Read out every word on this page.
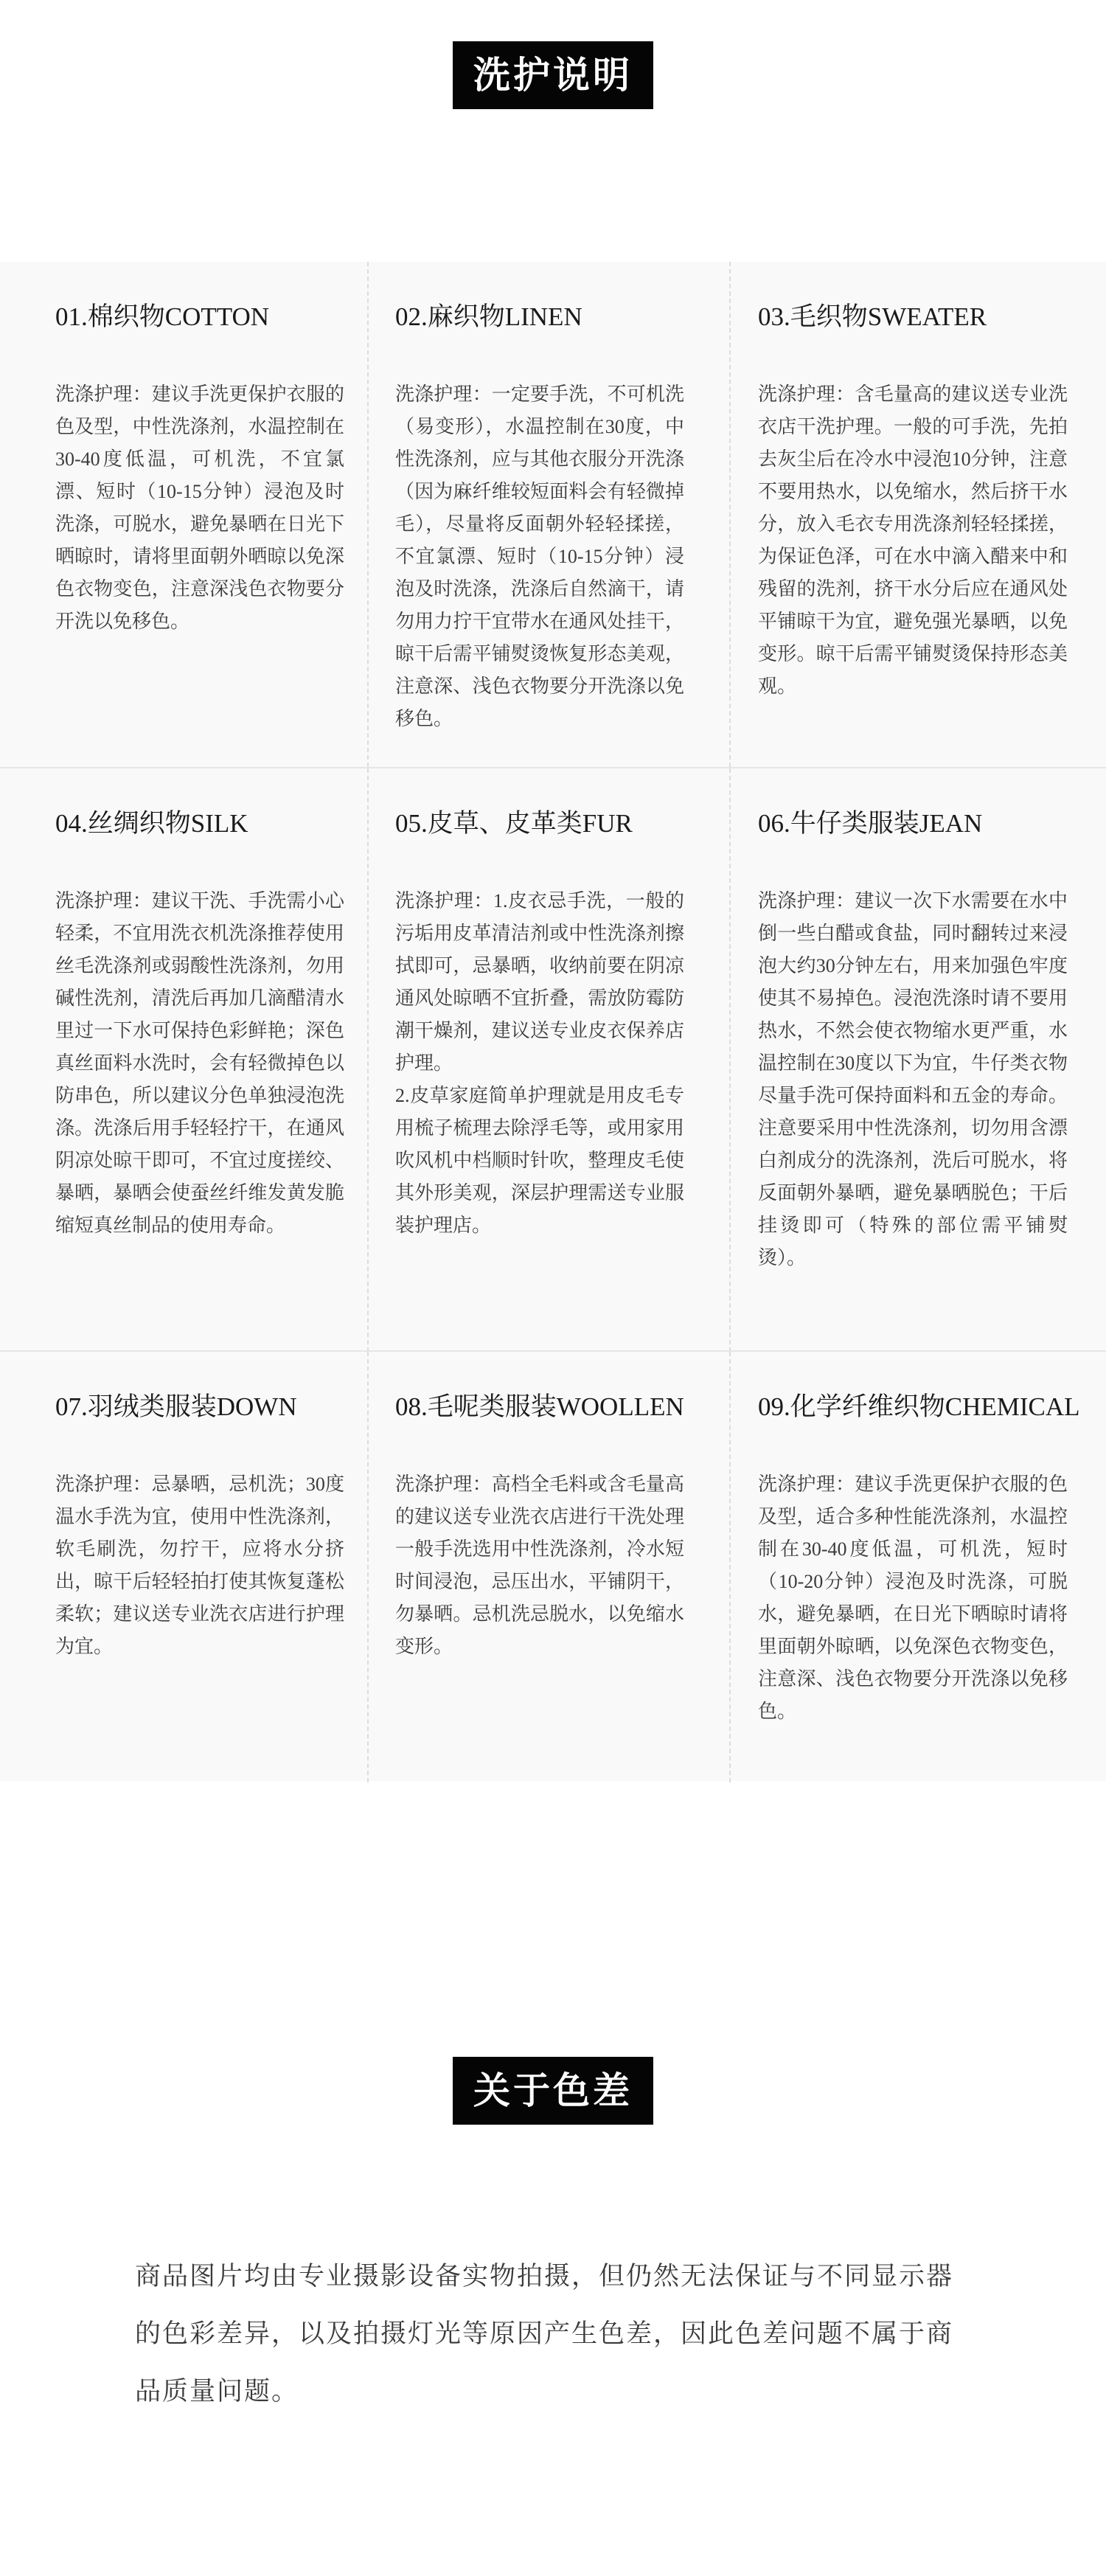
洗护说明

01.棉织物COTTON

洗涤护理：建议手洗更保护衣服的色及型，中性洗涤剂，水温控制在30-40度低温，可机洗，不宜氯漂、短时（10-15分钟）浸泡及时洗涤，可脱水，避免暴晒在日光下晒晾时，请将里面朝外晒晾以免深色衣物变色，注意深浅色衣物要分开洗以免移色。

02.麻织物LINEN

洗涤护理：一定要手洗，不可机洗（易变形），水温控制在30度，中性洗涤剂，应与其他衣服分开洗涤（因为麻纤维较短面料会有轻微掉毛），尽量将反面朝外轻轻揉搓，不宜氯漂、短时（10-15分钟）浸泡及时洗涤，洗涤后自然滴干，请勿用力拧干宜带水在通风处挂干，晾干后需平铺熨烫恢复形态美观，注意深、浅色衣物要分开洗涤以免移色。

03.毛织物SWEATER

洗涤护理：含毛量高的建议送专业洗衣店干洗护理。一般的可手洗，先拍去灰尘后在冷水中浸泡10分钟，注意不要用热水，以免缩水，然后挤干水分，放入毛衣专用洗涤剂轻轻揉搓，为保证色泽，可在水中滴入醋来中和残留的洗剂，挤干水分后应在通风处平铺晾干为宜，避免强光暴晒，以免变形。晾干后需平铺熨烫保持形态美观。

04.丝绸织物SILK

洗涤护理：建议干洗、手洗需小心轻柔，不宜用洗衣机洗涤推荐使用丝毛洗涤剂或弱酸性洗涤剂，勿用碱性洗剂，清洗后再加几滴醋清水里过一下水可保持色彩鲜艳；深色真丝面料水洗时，会有轻微掉色以防串色，所以建议分色单独浸泡洗涤。洗涤后用手轻轻拧干，在通风阴凉处晾干即可，不宜过度搓绞、暴晒，暴晒会使蚕丝纤维发黄发脆缩短真丝制品的使用寿命。

05.皮草、皮革类FUR

洗涤护理：1.皮衣忌手洗，一般的污垢用皮革清洁剂或中性洗涤剂擦拭即可，忌暴晒，收纳前要在阴凉通风处晾晒不宜折叠，需放防霉防潮干燥剂，建议送专业皮衣保养店护理。
2.皮草家庭简单护理就是用皮毛专用梳子梳理去除浮毛等，或用家用吹风机中档顺时针吹，整理皮毛使其外形美观，深层护理需送专业服装护理店。

06.牛仔类服装JEAN

洗涤护理：建议一次下水需要在水中倒一些白醋或食盐，同时翻转过来浸泡大约30分钟左右，用来加强色牢度使其不易掉色。浸泡洗涤时请不要用热水，不然会使衣物缩水更严重，水温控制在30度以下为宜，牛仔类衣物尽量手洗可保持面料和五金的寿命。注意要采用中性洗涤剂，切勿用含漂白剂成分的洗涤剂，洗后可脱水，将反面朝外暴晒，避免暴晒脱色；干后挂烫即可（特殊的部位需平铺熨烫）。

07.羽绒类服装DOWN

洗涤护理：忌暴晒，忌机洗；30度温水手洗为宜，使用中性洗涤剂，软毛刷洗，勿拧干，应将水分挤出，晾干后轻轻拍打使其恢复蓬松柔软；建议送专业洗衣店进行护理为宜。

08.毛呢类服装WOOLLEN

洗涤护理：高档全毛料或含毛量高的建议送专业洗衣店进行干洗处理一般手洗选用中性洗涤剂，冷水短时间浸泡，忌压出水，平铺阴干，勿暴晒。忌机洗忌脱水，以免缩水变形。

09.化学纤维织物CHEMICAL

洗涤护理：建议手洗更保护衣服的色及型，适合多种性能洗涤剂，水温控制在30-40度低温，可机洗，短时（10-20分钟）浸泡及时洗涤，可脱水，避免暴晒，在日光下晒晾时请将里面朝外晾晒，以免深色衣物变色，注意深、浅色衣物要分开洗涤以免移色。
关于色差

商品图片均由专业摄影设备实物拍摄，但仍然无法保证与不同显示器的色彩差异，以及拍摄灯光等原因产生色差，因此色差问题不属于商品质量问题。
